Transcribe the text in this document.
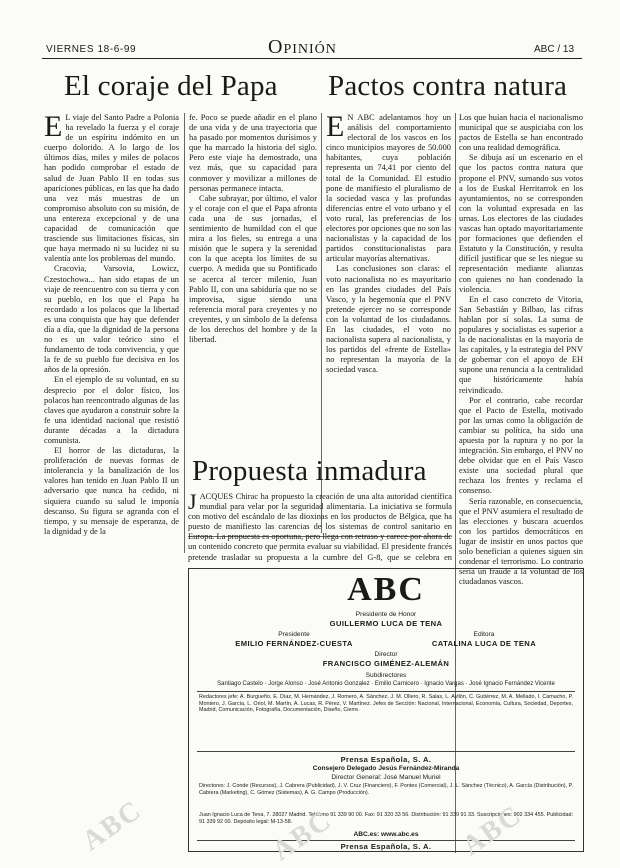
VIERNES 18-6-99	Opinión	ABC / 13
El coraje del Papa
E L viaje del Santo Padre a Polonia ha revelado la fuerza y el coraje de un espíritu indómito en un cuerpo dolorido. A lo largo de los últimos días, miles y miles de polacos han podido comprobar el estado de salud de Juan Pablo II en todas sus apariciones públicas, en las que ha dado una vez más muestras de un compromiso absoluto con su misión, de una entereza excepcional y de una capacidad de comunicación que trasciende sus limitaciones físicas, sin que haya mermado ni su lucidez ni su valentía ante los problemas del mundo.

Cracovia, Varsovia, Lowicz, Czestochowa... han sido etapas de un viaje de reencuentro con su tierra y con su pueblo, en los que el Papa ha recordado a los polacos que la libertad es una conquista que hay que defender día a día, que la dignidad de la persona no es un valor teórico sino el fundamento de toda convivencia, y que la fe de su pueblo fue decisiva en los años de la opresión.

En el ejemplo de su voluntad, en su desprecio por el dolor físico, los polacos han reencontrado algunas de las claves que ayudaron a construir sobre la fe una identidad nacional que resistió durante décadas a la dictadura comunista.

El horror de las dictaduras, la proliferación de nuevas formas de intolerancia y la banalización de los valores han tenido en Juan Pablo II un adversario que nunca ha cedido, ni siquiera cuando su salud le imponía descanso. Su figura se agranda con el tiempo, y su mensaje de esperanza, de la dignidad y de la

fe. Poco se puede añadir en el plano de una vida y de una trayectoria que ha pasado por momentos durísimos y que ha marcado la historia del siglo. Pero este viaje ha demostrado, una vez más, que su capacidad para conmover y movilizar a millones de personas permanece intacta.

Cabe subrayar, por último, el valor y el coraje con el que el Papa afronta cada una de sus jornadas, el sentimiento de humildad con el que mira a los fieles, su entrega a una misión que le supera y la serenidad con la que acepta los límites de su cuerpo. A medida que su Pontificado se acerca al tercer milenio, Juan Pablo II, con una sabiduría que no se improvisa, sigue siendo una referencia moral para creyentes y no creyentes, y un símbolo de la defensa de los derechos del hombre y de la libertad.

Pactos contra natura
E N ABC adelantamos hoy un análisis del comportamiento electoral de los vascos en los cinco municipios mayores de 50.000 habitantes, cuya población representa un 74,41 por ciento del total de la Comunidad. El estudio pone de manifiesto el pluralismo de la sociedad vasca y las profundas diferencias entre el voto urbano y el voto rural, las preferencias de los electores por opciones que no son las nacionalistas y la capacidad de los partidos constitucionalistas para articular mayorías alternativas.

Las conclusiones son claras: el voto nacionalista no es mayoritario en las grandes ciudades del País Vasco, y la hegemonía que el PNV pretende ejercer no se corresponde con la voluntad de los ciudadanos. En las ciudades, el voto no nacionalista supera al nacionalista, y los partidos del «frente de Estella» no representan la mayoría de la sociedad vasca.

Los que huían hacia el nacionalismo municipal que se auspiciaba con los pactos de Estella se han encontrado con una realidad demográfica.

Se dibuja así un escenario en el que los pactos contra natura que propone el PNV, sumando sus votos a los de Euskal Herritarrok en los ayuntamientos, no se corresponden con la voluntad expresada en las urnas. Los electores de las ciudades vascas han optado mayoritariamente por formaciones que defienden el Estatuto y la Constitución, y resulta difícil justificar que se les niegue su representación mediante alianzas con quienes no han condenado la violencia.

En el caso concreto de Vitoria, San Sebastián y Bilbao, las cifras hablan por sí solas. La suma de populares y socialistas es superior a la de nacionalistas en la mayoría de las capitales, y la estrategia del PNV de gobernar con el apoyo de EH supone una renuncia a la centralidad que históricamente había reivindicado.

Por el contrario, cabe recordar que el Pacto de Estella, motivado por las urnas como la obligación de cambiar su política, ha sido una apuesta por la ruptura y no por la integración. Sin embargo, el PNV no debe olvidar que en el País Vasco existe una sociedad plural que rechaza los frentes y reclama el consenso.

Sería razonable, en consecuencia, que el PNV asumiera el resultado de las elecciones y buscara acuerdos con los partidos democráticos en lugar de insistir en unos pactos que solo benefician a quienes siguen sin condenar el terrorismo. Lo contrario sería un fraude a la voluntad de los ciudadanos vascos.

Propuesta inmadura
J ACQUES Chirac ha propuesto la creación de una alta autoridad científica mundial para velar por la seguridad alimentaria. La iniciativa se formula con motivo del escándalo de las dioxinas en los productos de Bélgica, que ha puesto de manifiesto las carencias de los sistemas de control sanitario en Europa. La propuesta es oportuna, pero llega con retraso y carece por ahora de un contenido concreto que permita evaluar su viabilidad. El presidente francés pretende trasladar su propuesta a la cumbre del G-8, que se celebra en

ABC
Presidente de Honor
GUILLERMO LUCA DE TENA
Presidente
EMILIO FERNÁNDEZ-CUESTA
Editora
CATALINA LUCA DE TENA
Director
FRANCISCO GIMÉNEZ-ALEMÁN
Subdirectores
Santiago Castelo · Jorge Alonso · José Antonio Gonzalez · Emilio Carnicero · Ignacio Vargas · José Ignacio Fernández Vicente
Redactores jefe: A. Burgueño, E. Díaz, M. Hernández, J. Romero, A. Sánchez, J. M. Ollero, R. Salas, L. Ayllón, C. Gutiérrez, M. A. Mellado, I. Camacho, P. Montero, J. García, L. Oriol, M. Martín, A. Lucas, R. Pérez, V. Martínez. Jefes de Sección: Nacional, Internacional, Economía, Cultura, Sociedad, Deportes, Madrid, Comunicación, Fotografía, Documentación, Diseño, Cierre.
Prensa Española, S. A.
Consejero Delegado Jesús Fernández-Miranda
Director General: José Manuel Muriel
Directores: J. Conde (Recursos), J. Cabrera (Publicidad), J. V. Cruz (Financiero), F. Pontes (Comercial), J. L. Sánchez (Técnico), A. García (Distribución), P. Cabrera (Marketing), C. Gómez (Sistemas), A. G. Campo (Producción).
Juan Ignacio Luca de Tena, 7. 28027 Madrid. Teléfono 91 339 90 00. Fax: 91 320 33 56. Distribución: 91 339 91 33. Suscripciones: 902 334 455. Publicidad: 91 339 92 00. Depósito legal: M-13-58.
ABC.es: www.abc.es
Prensa Española, S. A.
ABC	ABC	ABC
